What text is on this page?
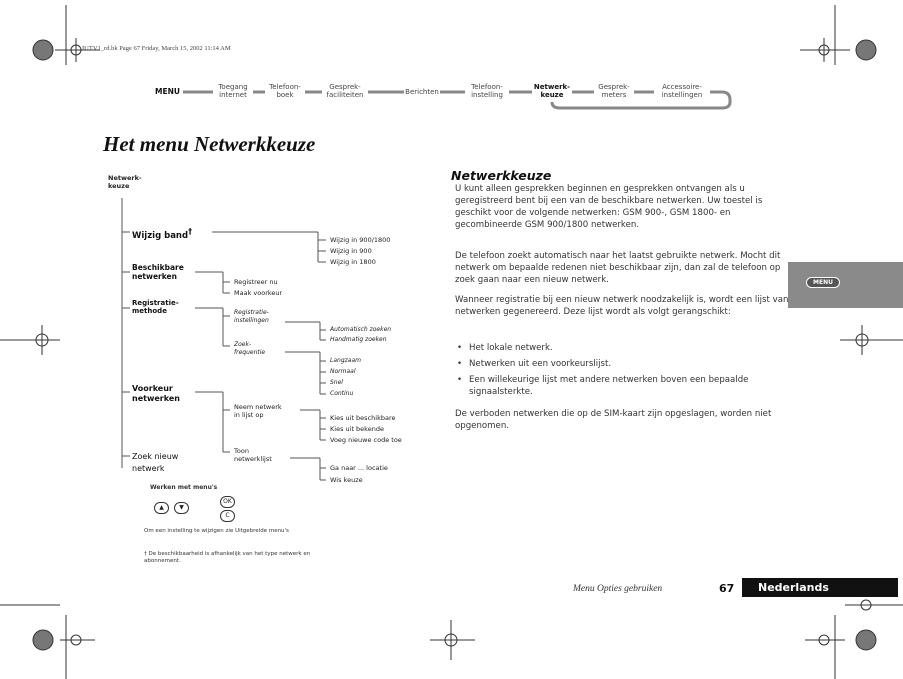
IUTV1_rd.bk Page 67 Friday, March 15, 2002 11:14 AM
MENU	Toegang
internet
Telefoon-
boek
Gesprek-
faciliteiten	Berichten
Telefoon-
instelling
Netwerk-
keuze
Gesprek-
meters
Accessoire-
instellingen
Het menu Netwerkkeuze
Netwerk-
keuze
Wijzig band†
Wijzig in 900/1800
Wijzig in 900
Wijzig in 1800
Beschikbare
netwerken
Registreer nu
Maak voorkeur
Registratie-
methode	Registratie-
instellingen
Automatisch zoeken
Handmatig zoeken
Zoek-
frequentie
Langzaam
Normaal
Snel
Continu
Voorkeur
netwerken
Neem netwerk
in lijst op	Kies uit beschikbare
Kies uit bekende
Voeg nieuwe code toe
Toon
netwerklijst
Ga naar ... locatie
Wis keuze
Zoek nieuw
netwerk
Werken met menu's
▲	▼
OK
C
Om een instelling te wijzigen zie Uitgebreide menu's
† De beschikbaarheid is afhankelijk van het type netwerk en abonnement.
Netwerkkeuze
U kunt alleen gesprekken beginnen en gesprekken ontvangen als u geregistreerd bent bij een van de beschikbare netwerken. Uw toestel is geschikt voor de volgende netwerken: GSM 900-, GSM 1800- en gecombineerde GSM 900/1800 netwerken.
De telefoon zoekt automatisch naar het laatst gebruikte netwerk. Mocht dit netwerk om bepaalde redenen niet beschikbaar zijn, dan zal de telefoon op zoek gaan naar een nieuw netwerk.
Wanneer registratie bij een nieuw netwerk noodzakelijk is, wordt een lijst van netwerken gegenereerd. Deze lijst wordt als volgt gerangschikt:
• Het lokale netwerk.
• Netwerken uit een voorkeurslijst.
• Een willekeurige lijst met andere netwerken boven een bepaalde signaalsterkte.
De verboden netwerken die op de SIM-kaart zijn opgeslagen, worden niet opgenomen.
MENU
Menu Opties gebruiken	67	Nederlands
